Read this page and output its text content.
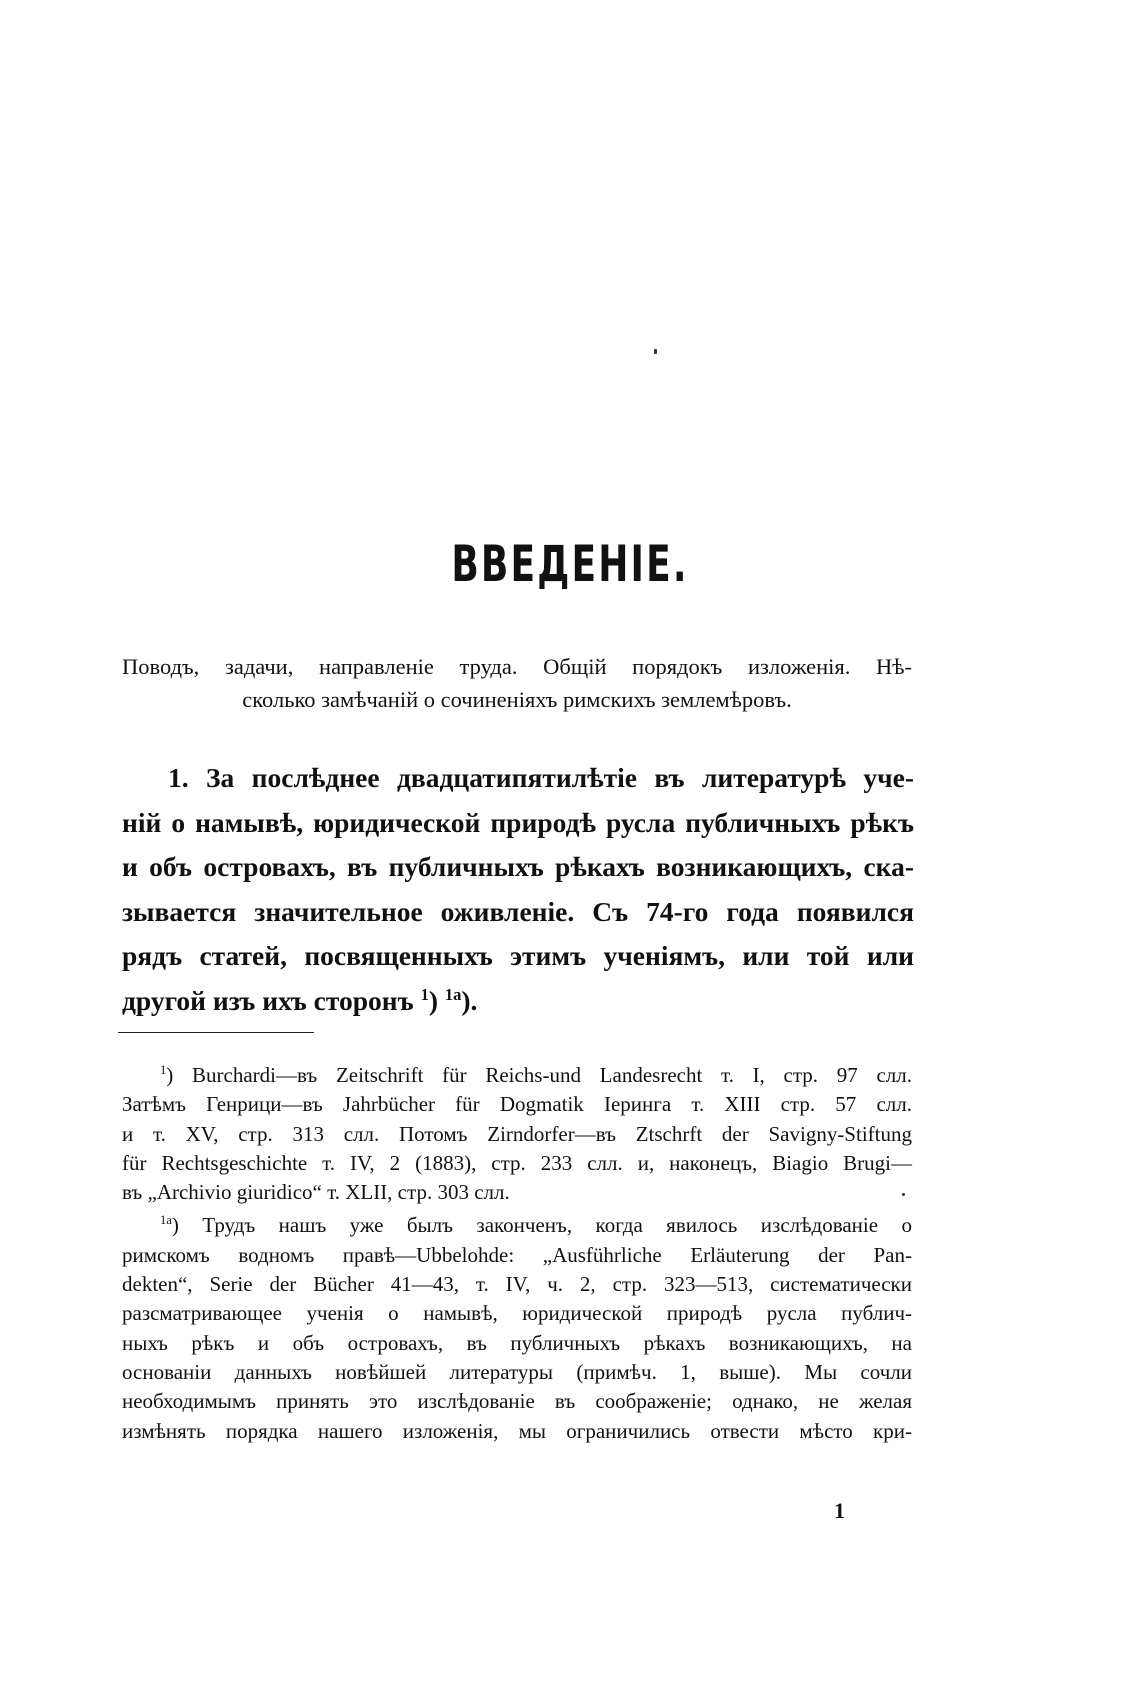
ВВЕДЕНІЕ.
Поводъ, задачи, направленіе труда. Общій порядокъ изложенія. Нѣ-
сколько замѣчаній о сочиненіяхъ римскихъ землемѣровъ.
1. За послѣднее двадцатипятилѣтіе въ литературѣ уче-
ній о намывѣ, юридической природѣ русла публичныхъ рѣкъ
и объ островахъ, въ публичныхъ рѣкахъ возникающихъ, ска-
зывается значительное оживленіе. Съ 74-го года появился
рядъ статей, посвященныхъ этимъ ученіямъ, или той или
другой изъ ихъ сторонъ $^1$) $^{1а}$).
$^1$) Burchardi—въ Zeitschrift für Reichs-und Landesrecht т. I, стр. 97 слл.
Затѣмъ Генрици—въ Jahrbücher für Dogmatik Іеринга т. XIII стр. 57 слл.
и т. XV, стр. 313 слл. Потомъ Zirndorfer—въ Ztschrft der Savigny-Stiftung
für Rechtsgeschichte т. IV, 2 (1883), стр. 233 слл. и, наконецъ, Biagio Brugi—
въ „Archivio giuridico“ т. XLII, стр. 303 слл.
$^{1а}$) Трудъ нашъ уже былъ законченъ, когда явилось изслѣдованіе о
римскомъ водномъ правѣ—Ubbelohde: „Ausführliche Erläuterung der Pan-
dekten“, Serie der Bücher 41—43, т. IV, ч. 2, стр. 323—513, систематически
разсматривающее ученія о намывѣ, юридической природѣ русла публич-
ныхъ рѣкъ и объ островахъ, въ публичныхъ рѣкахъ возникающихъ, на
основаніи данныхъ новѣйшей литературы (примѣч. 1, выше). Мы сочли
необходимымъ принять это изслѣдованіе въ соображеніе; однако, не желая
измѣнять порядка нашего изложенія, мы ограничились отвести мѣсто кри-
1
